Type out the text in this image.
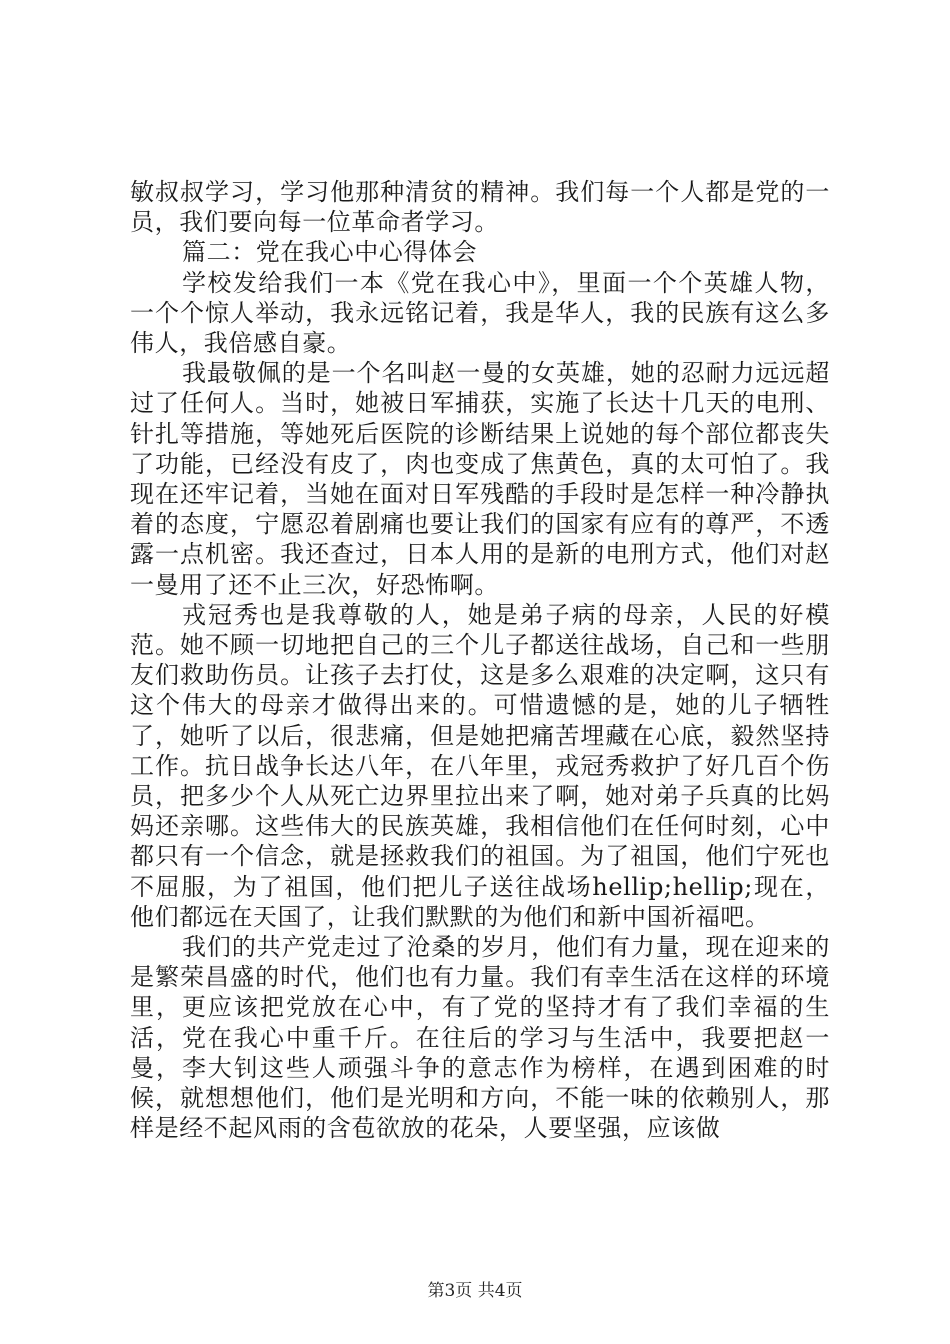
敏叔叔学习，学习他那种清贫的精神。我们每一个人都是党的一员，我们要向每一位革命者学习。

篇二：党在我心中心得体会

学校发给我们一本《党在我心中》，里面一个个英雄人物，一个个惊人举动，我永远铭记着，我是华人，我的民族有这么多伟人，我倍感自豪。

我最敬佩的是一个名叫赵一曼的女英雄，她的忍耐力远远超过了任何人。当时，她被日军捕获，实施了长达十几天的电刑、针扎等措施，等她死后医院的诊断结果上说她的每个部位都丧失了功能，已经没有皮了，肉也变成了焦黄色，真的太可怕了。我现在还牢记着，当她在面对日军残酷的手段时是怎样一种冷静执着的态度，宁愿忍着剧痛也要让我们的国家有应有的尊严，不透露一点机密。我还查过，日本人用的是新的电刑方式，他们对赵一曼用了还不止三次，好恐怖啊。

戎冠秀也是我尊敬的人，她是弟子病的母亲，人民的好模范。她不顾一切地把自己的三个儿子都送往战场，自己和一些朋友们救助伤员。让孩子去打仗，这是多么艰难的决定啊，这只有这个伟大的母亲才做得出来的。可惜遗憾的是，她的儿子牺牲了，她听了以后，很悲痛，但是她把痛苦埋藏在心底，毅然坚持工作。抗日战争长达八年，在八年里，戎冠秀救护了好几百个伤员，把多少个人从死亡边界里拉出来了啊，她对弟子兵真的比妈妈还亲哪。这些伟大的民族英雄，我相信他们在任何时刻，心中都只有一个信念，就是拯救我们的祖国。为了祖国，他们宁死也不屈服，为了祖国，他们把儿子送往战场hellip;hellip;现在，他们都远在天国了，让我们默默的为他们和新中国祈福吧。

我们的共产党走过了沧桑的岁月，他们有力量，现在迎来的是繁荣昌盛的时代，他们也有力量。我们有幸生活在这样的环境里，更应该把党放在心中，有了党的坚持才有了我们幸福的生活，党在我心中重千斤。在往后的学习与生活中，我要把赵一曼，李大钊这些人顽强斗争的意志作为榜样，在遇到困难的时候，就想想他们，他们是光明和方向，不能一味的依赖别人，那样是经不起风雨的含苞欲放的花朵，人要坚强，应该做

第3页 共4页
